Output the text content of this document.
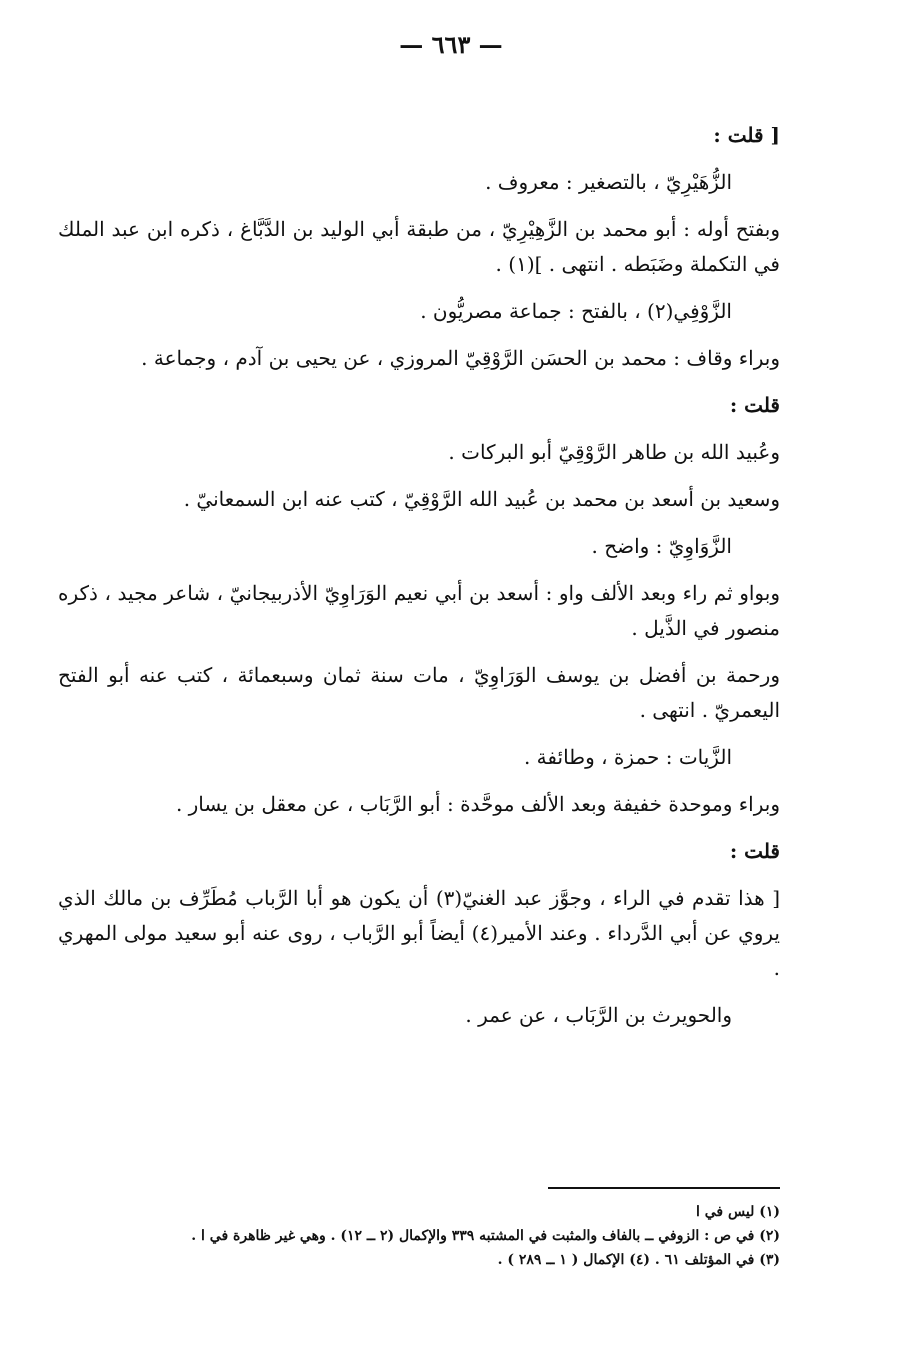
— ٦٦٣ —

[ قلت :

الزُّهَيْرِيّ ، بالتصغير : معروف .

وبفتح أوله : أبو محمد بن الزَّهِيْرِيّ ، من طبقة أبي الوليد بن الدَّبَّاغ ، ذكره ابن عبد الملك في التكملة وضَبَطه . انتهى . ](١) .

الزَّوْفِي(٢) ، بالفتح : جماعة مصريُّون .

وبراء وقاف : محمد بن الحسَن الرَّوْقِيّ المروزي ، عن يحيى بن آدم ، وجماعة .

قلت :

وعُبيد الله بن طاهر الرَّوْقِيّ أبو البركات .

وسعيد بن أسعد بن محمد بن عُبيد الله الرَّوْقِيّ ، كتب عنه ابن السمعانيّ .

الزَّوَاوِيّ : واضح .

وبواو ثم راء وبعد الألف واو : أسعد بن أبي نعيم الوَرَاوِيّ الأذربيجانيّ ، شاعر مجيد ، ذكره منصور في الذَّيل .

ورحمة بن أفضل بن يوسف الوَرَاوِيّ ، مات سنة ثمان وسبعمائة ، كتب عنه أبو الفتح اليعمريّ . انتهى .

الزَّيات : حمزة ، وطائفة .

وبراء وموحدة خفيفة وبعد الألف موحَّدة : أبو الرَّبَاب ، عن معقل بن يسار .

قلت :

[ هذا تقدم في الراء ، وجوَّز عبد الغنيّ(٣) أن يكون هو أبا الرَّباب مُطَرِّف بن مالك الذي يروي عن أبي الدَّرداء . وعند الأمير(٤) أيضاً أبو الرَّباب ، روى عنه أبو سعيد مولى المهري .

والحويرث بن الرَّبَاب ، عن عمر .

(١) ليس في ا
(٢) في ص : الزوفي ــ بالفاف والمثبت في المشتبه ٣٣٩ والإكمال (٢ ــ ١٢) . وهي غير ظاهرة في ا .
(٣) في المؤتلف ٦١ . (٤) الإكمال ( ١ ــ ٢٨٩ ) .
